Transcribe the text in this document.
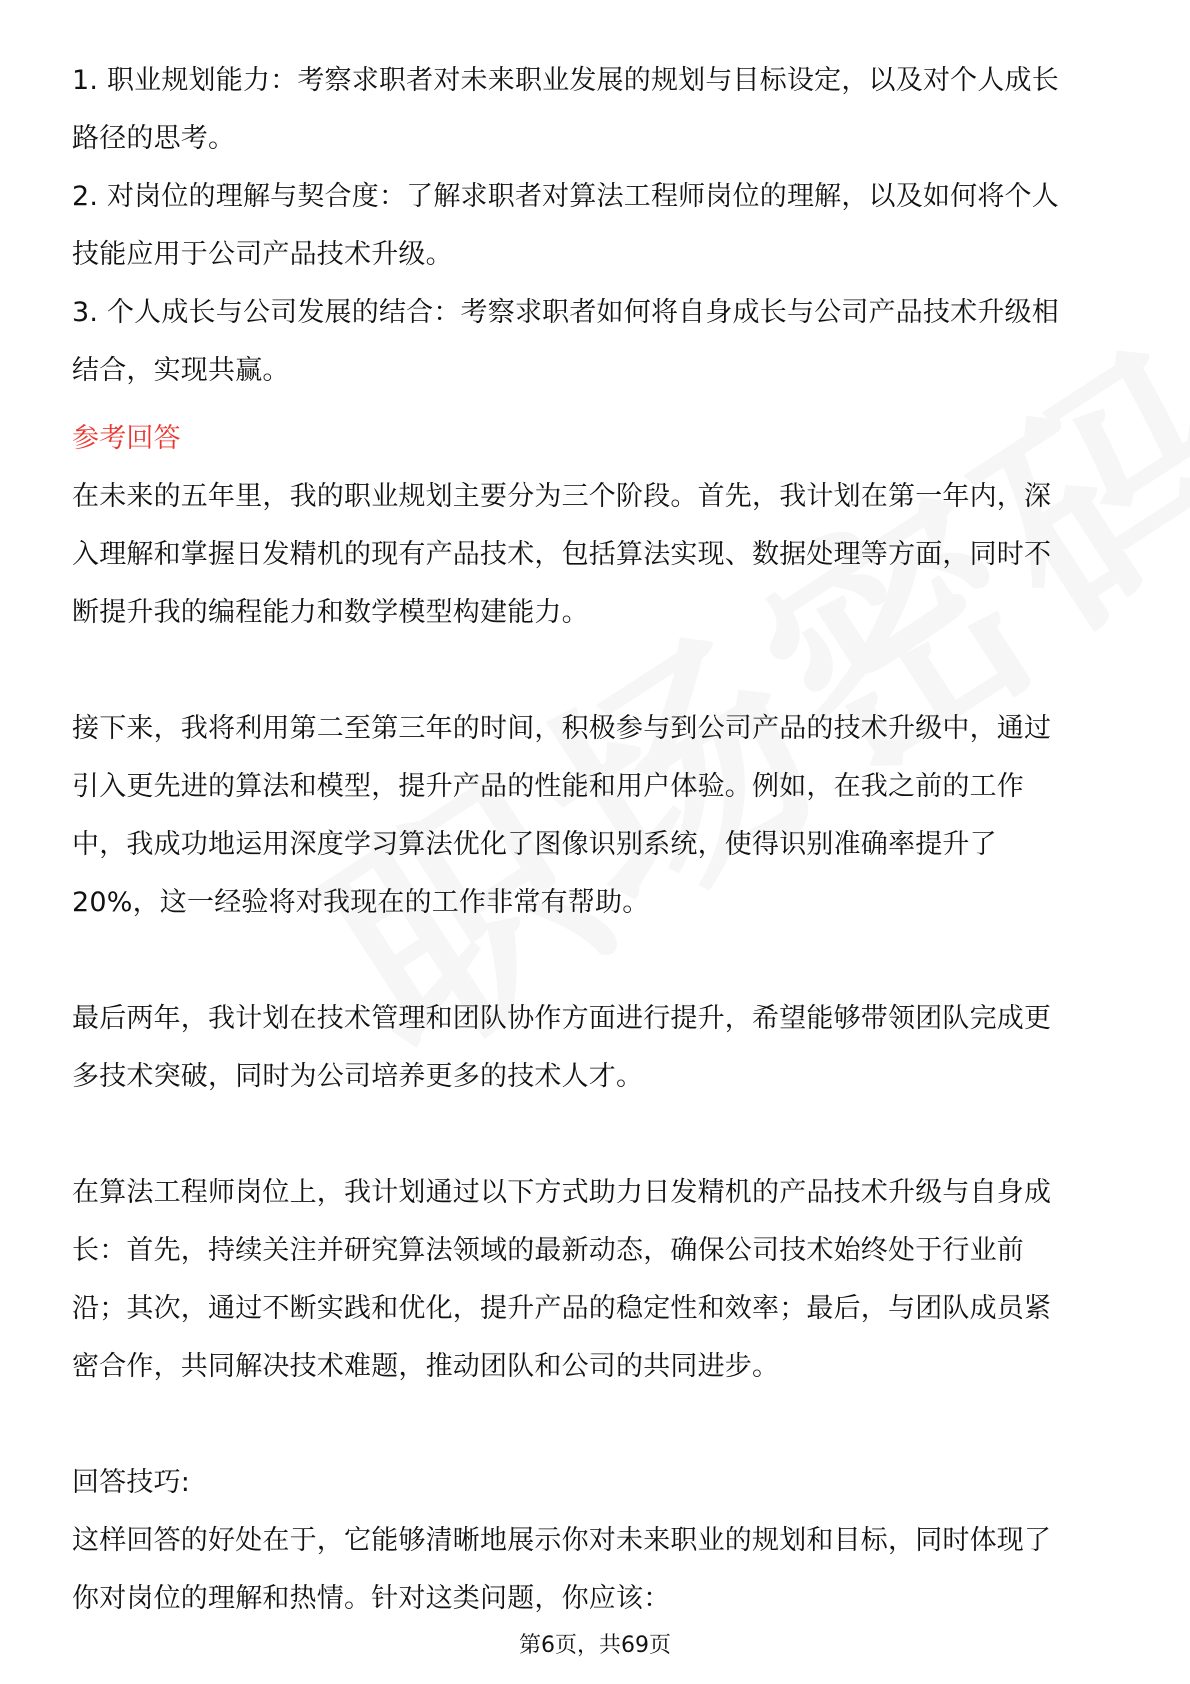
1. 职业规划能力：考察求职者对未来职业发展的规划与目标设定，以及对个人成长
路径的思考。
2. 对岗位的理解与契合度：了解求职者对算法工程师岗位的理解，以及如何将个人
技能应用于公司产品技术升级。
3. 个人成长与公司发展的结合：考察求职者如何将自身成长与公司产品技术升级相
结合，实现共赢。
参考回答
在未来的五年里，我的职业规划主要分为三个阶段。首先，我计划在第一年内，深
入理解和掌握日发精机的现有产品技术，包括算法实现、数据处理等方面，同时不
断提升我的编程能力和数学模型构建能力。
接下来，我将利用第二至第三年的时间，积极参与到公司产品的技术升级中，通过
引入更先进的算法和模型，提升产品的性能和用户体验。例如，在我之前的工作
中，我成功地运用深度学习算法优化了图像识别系统，使得识别准确率提升了
20%，这一经验将对我现在的工作非常有帮助。
最后两年，我计划在技术管理和团队协作方面进行提升，希望能够带领团队完成更
多技术突破，同时为公司培养更多的技术人才。
在算法工程师岗位上，我计划通过以下方式助力日发精机的产品技术升级与自身成
长：首先，持续关注并研究算法领域的最新动态，确保公司技术始终处于行业前
沿；其次，通过不断实践和优化，提升产品的稳定性和效率；最后，与团队成员紧
密合作，共同解决技术难题，推动团队和公司的共同进步。
回答技巧:
这样回答的好处在于，它能够清晰地展示你对未来职业的规划和目标，同时体现了
你对岗位的理解和热情。针对这类问题，你应该：
第6页，共69页
